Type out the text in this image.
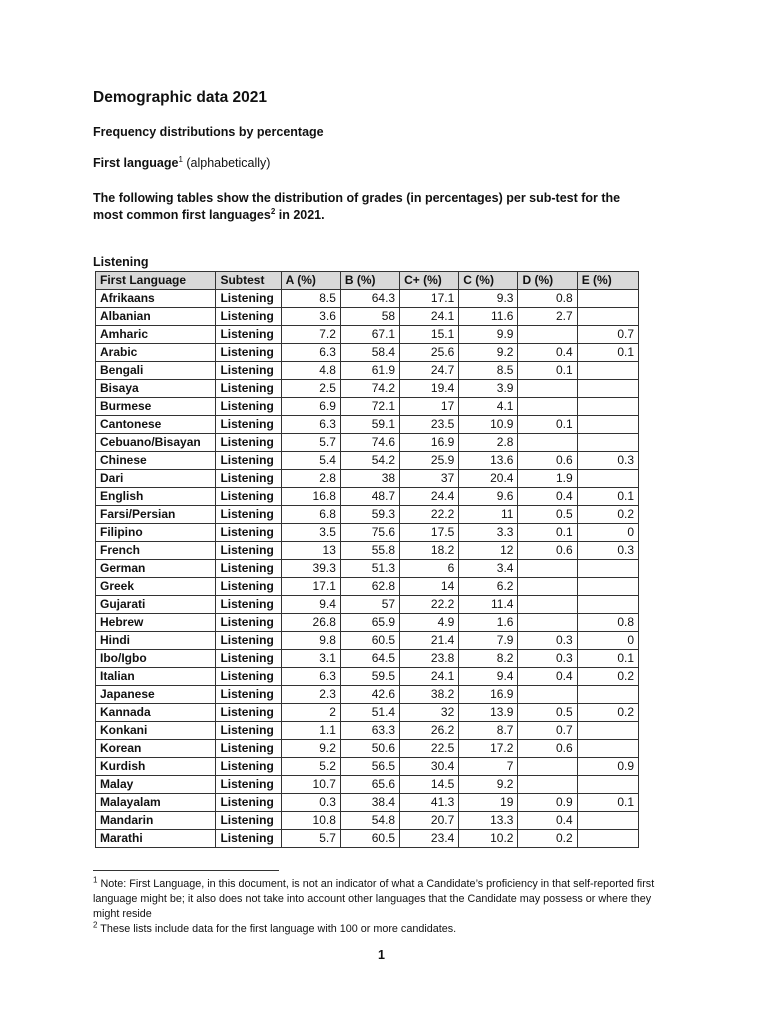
Demographic data 2021
Frequency distributions by percentage

First language$^1$ (alphabetically)

The following tables show the distribution of grades (in percentages) per sub-test for the most common first languages$^2$ in 2021.

Listening

First Language	Subtest	A (%)	B (%)	C+ (%)	C (%)	D (%)	E (%)
Afrikaans	Listening	8.5	64.3	17.1	9.3	0.8	
Albanian	Listening	3.6	58	24.1	11.6	2.7	
Amharic	Listening	7.2	67.1	15.1	9.9		0.7
Arabic	Listening	6.3	58.4	25.6	9.2	0.4	0.1
Bengali	Listening	4.8	61.9	24.7	8.5	0.1	
Bisaya	Listening	2.5	74.2	19.4	3.9		
Burmese	Listening	6.9	72.1	17	4.1		
Cantonese	Listening	6.3	59.1	23.5	10.9	0.1	
Cebuano/Bisayan	Listening	5.7	74.6	16.9	2.8		
Chinese	Listening	5.4	54.2	25.9	13.6	0.6	0.3
Dari	Listening	2.8	38	37	20.4	1.9	
English	Listening	16.8	48.7	24.4	9.6	0.4	0.1
Farsi/Persian	Listening	6.8	59.3	22.2	11	0.5	0.2
Filipino	Listening	3.5	75.6	17.5	3.3	0.1	0
French	Listening	13	55.8	18.2	12	0.6	0.3
German	Listening	39.3	51.3	6	3.4		
Greek	Listening	17.1	62.8	14	6.2		
Gujarati	Listening	9.4	57	22.2	11.4		
Hebrew	Listening	26.8	65.9	4.9	1.6		0.8
Hindi	Listening	9.8	60.5	21.4	7.9	0.3	0
Ibo/Igbo	Listening	3.1	64.5	23.8	8.2	0.3	0.1
Italian	Listening	6.3	59.5	24.1	9.4	0.4	0.2
Japanese	Listening	2.3	42.6	38.2	16.9		
Kannada	Listening	2	51.4	32	13.9	0.5	0.2
Konkani	Listening	1.1	63.3	26.2	8.7	0.7	
Korean	Listening	9.2	50.6	22.5	17.2	0.6	
Kurdish	Listening	5.2	56.5	30.4	7		0.9
Malay	Listening	10.7	65.6	14.5	9.2		
Malayalam	Listening	0.3	38.4	41.3	19	0.9	0.1
Mandarin	Listening	10.8	54.8	20.7	13.3	0.4	
Marathi	Listening	5.7	60.5	23.4	10.2	0.2	

$^1$ Note: First Language, in this document, is not an indicator of what a Candidate’s proficiency in that self-reported first language might be; it also does not take into account other languages that the Candidate may possess or where they might reside

$^2$ These lists include data for the first language with 100 or more candidates.

1
